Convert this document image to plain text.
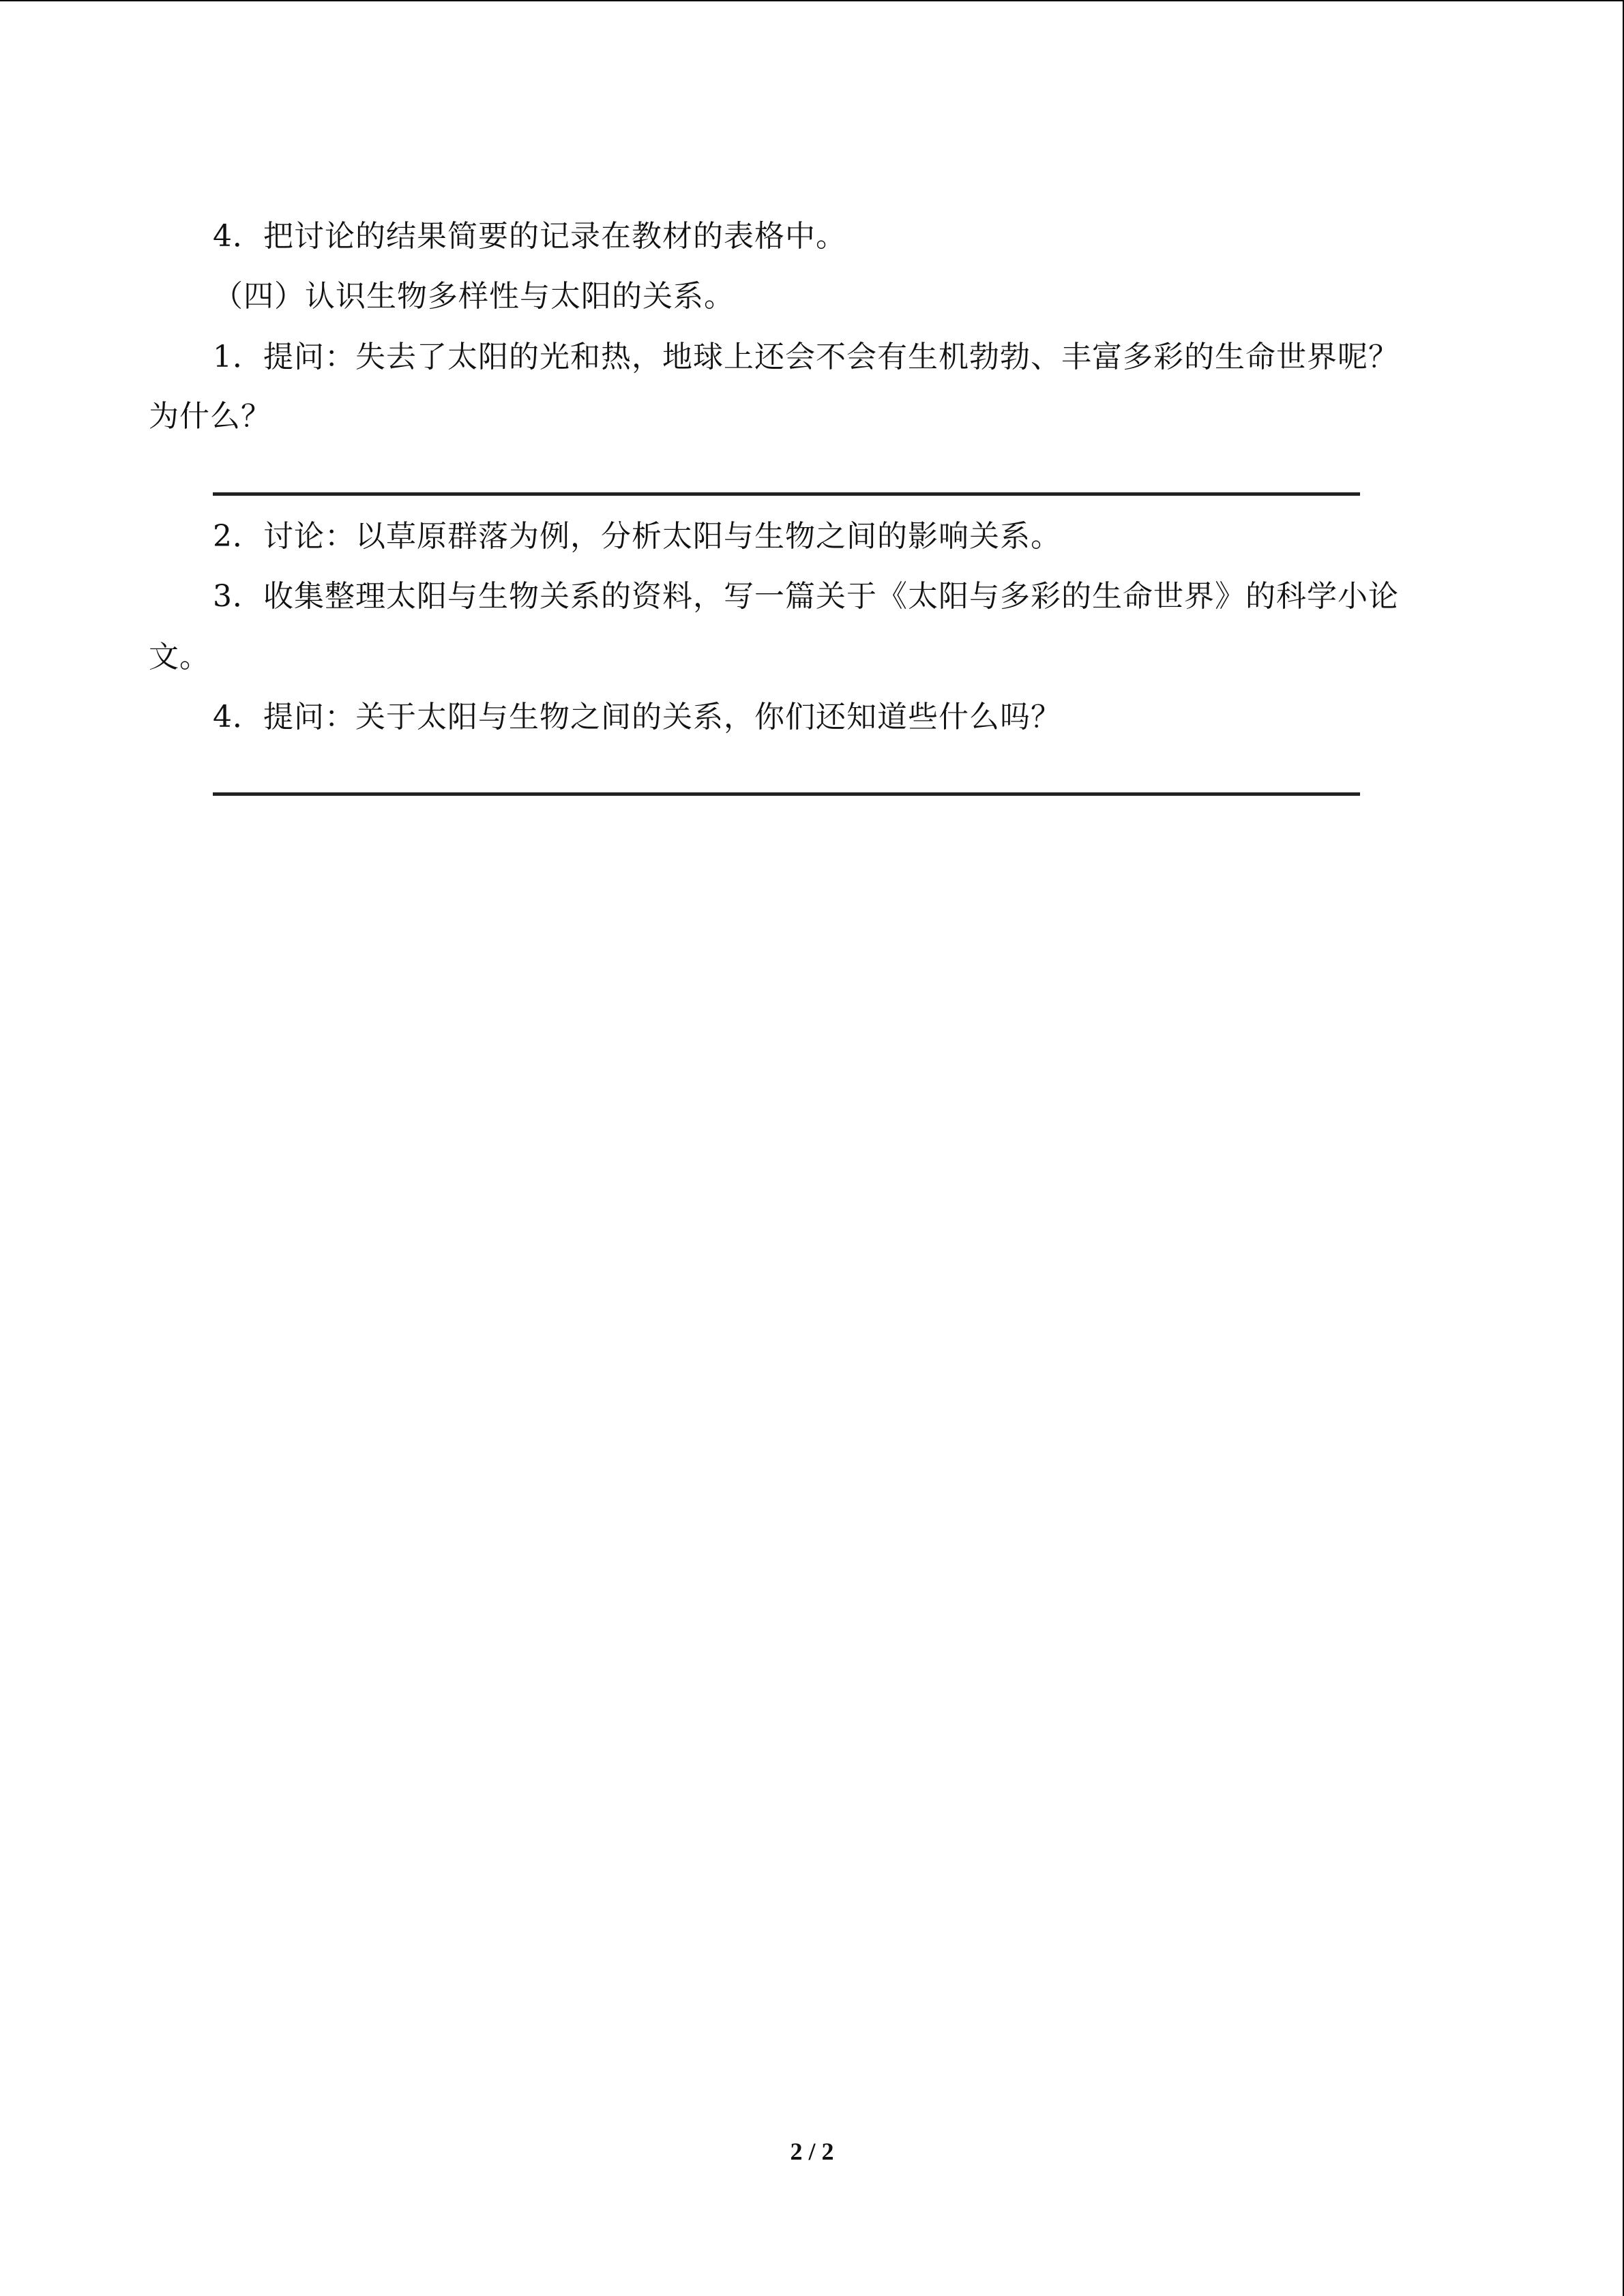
4．把讨论的结果简要的记录在教材的表格中。
（四）认识生物多样性与太阳的关系。
1．提问：失去了太阳的光和热，地球上还会不会有生机勃勃、丰富多彩的生命世界呢？
为什么？
2．讨论：以草原群落为例，分析太阳与生物之间的影响关系。
3．收集整理太阳与生物关系的资料，写一篇关于《太阳与多彩的生命世界》的科学小论
文。
4．提问：关于太阳与生物之间的关系，你们还知道些什么吗？
2 / 2
